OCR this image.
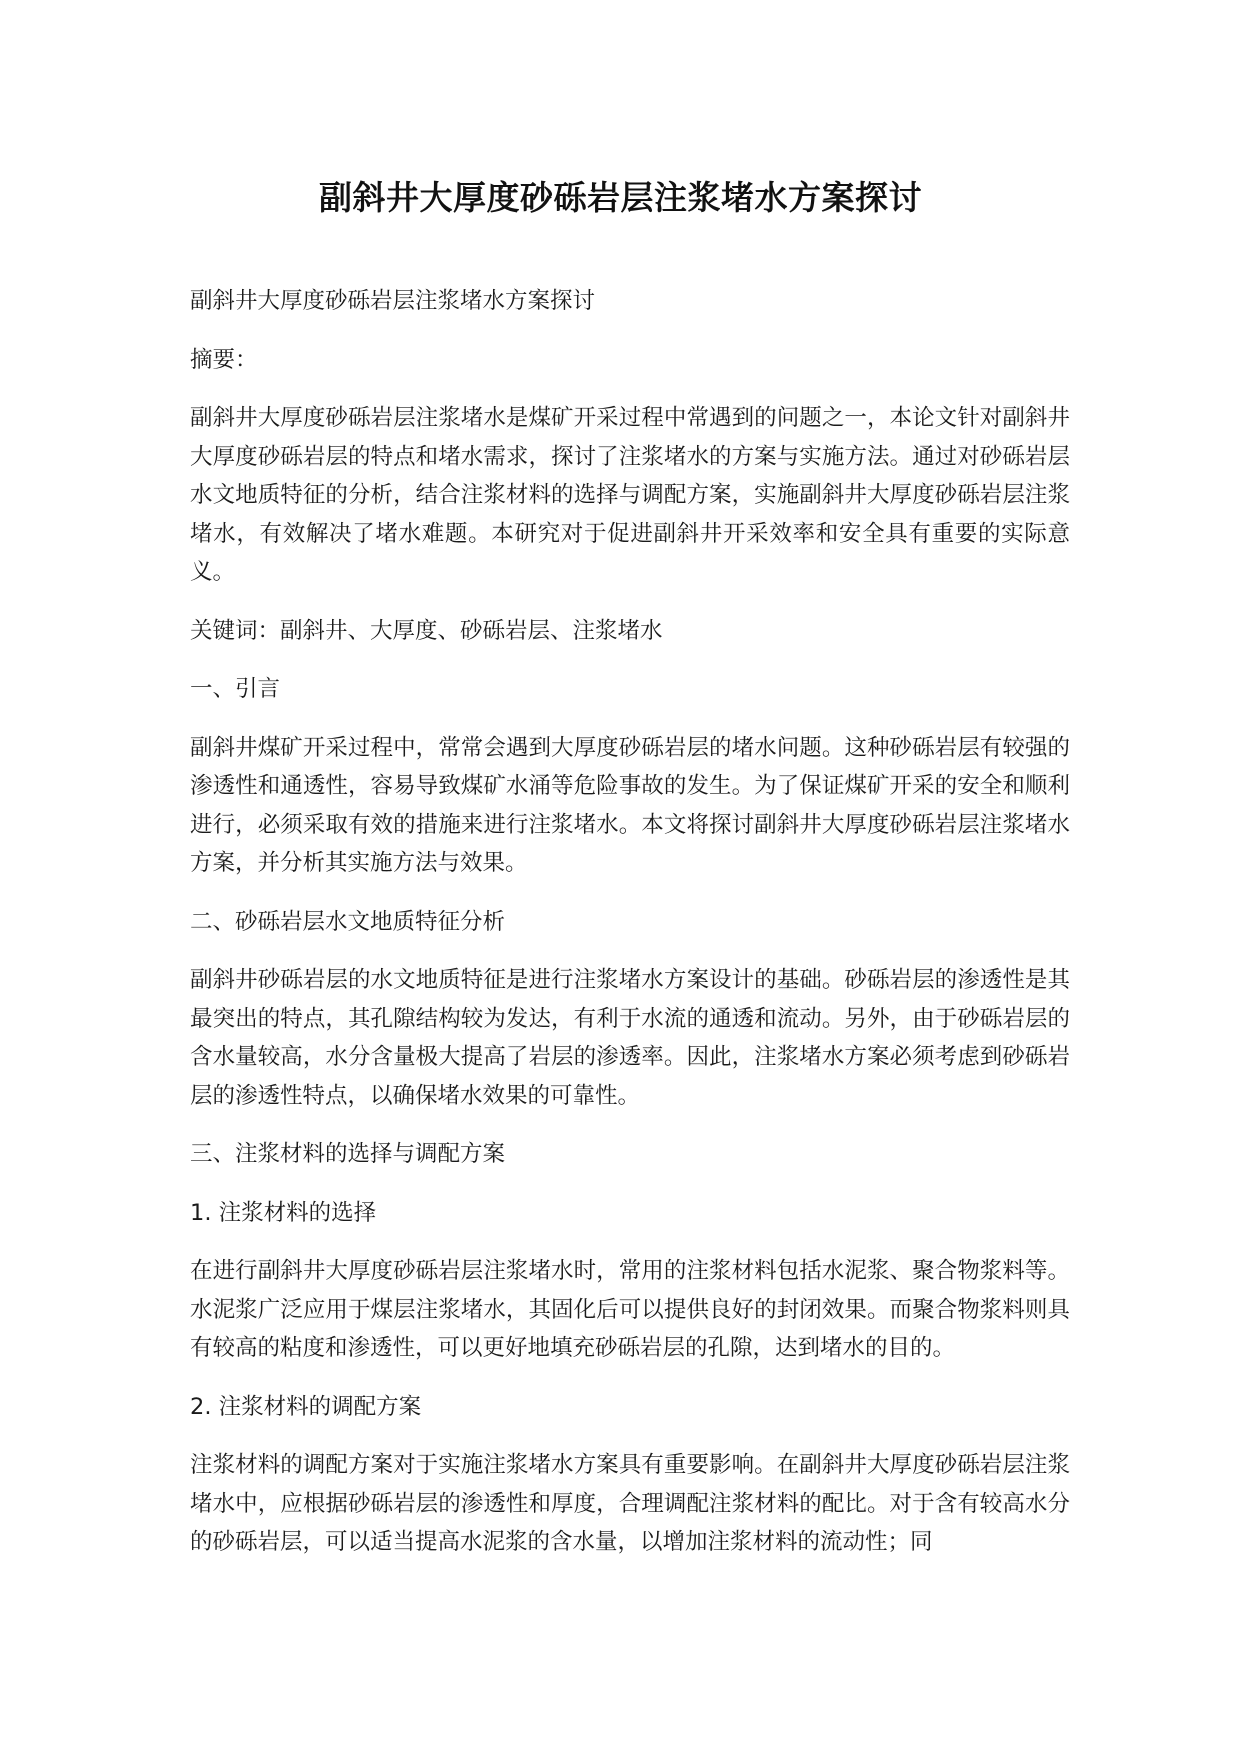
副斜井大厚度砂砾岩层注浆堵水方案探讨

副斜井大厚度砂砾岩层注浆堵水方案探讨

摘要：

副斜井大厚度砂砾岩层注浆堵水是煤矿开采过程中常遇到的问题之一，本论文针对副斜井大厚度砂砾岩层的特点和堵水需求，探讨了注浆堵水的方案与实施方法。通过对砂砾岩层水文地质特征的分析，结合注浆材料的选择与调配方案，实施副斜井大厚度砂砾岩层注浆堵水，有效解决了堵水难题。本研究对于促进副斜井开采效率和安全具有重要的实际意义。

关键词：副斜井、大厚度、砂砾岩层、注浆堵水

一、引言

副斜井煤矿开采过程中，常常会遇到大厚度砂砾岩层的堵水问题。这种砂砾岩层有较强的渗透性和通透性，容易导致煤矿水涌等危险事故的发生。为了保证煤矿开采的安全和顺利进行，必须采取有效的措施来进行注浆堵水。本文将探讨副斜井大厚度砂砾岩层注浆堵水方案，并分析其实施方法与效果。

二、砂砾岩层水文地质特征分析

副斜井砂砾岩层的水文地质特征是进行注浆堵水方案设计的基础。砂砾岩层的渗透性是其最突出的特点，其孔隙结构较为发达，有利于水流的通透和流动。另外，由于砂砾岩层的含水量较高，水分含量极大提高了岩层的渗透率。因此，注浆堵水方案必须考虑到砂砾岩层的渗透性特点，以确保堵水效果的可靠性。

三、注浆材料的选择与调配方案

1. 注浆材料的选择

在进行副斜井大厚度砂砾岩层注浆堵水时，常用的注浆材料包括水泥浆、聚合物浆料等。水泥浆广泛应用于煤层注浆堵水，其固化后可以提供良好的封闭效果。而聚合物浆料则具有较高的粘度和渗透性，可以更好地填充砂砾岩层的孔隙，达到堵水的目的。

2. 注浆材料的调配方案

注浆材料的调配方案对于实施注浆堵水方案具有重要影响。在副斜井大厚度砂砾岩层注浆堵水中，应根据砂砾岩层的渗透性和厚度，合理调配注浆材料的配比。对于含有较高水分的砂砾岩层，可以适当提高水泥浆的含水量，以增加注浆材料的流动性；同
